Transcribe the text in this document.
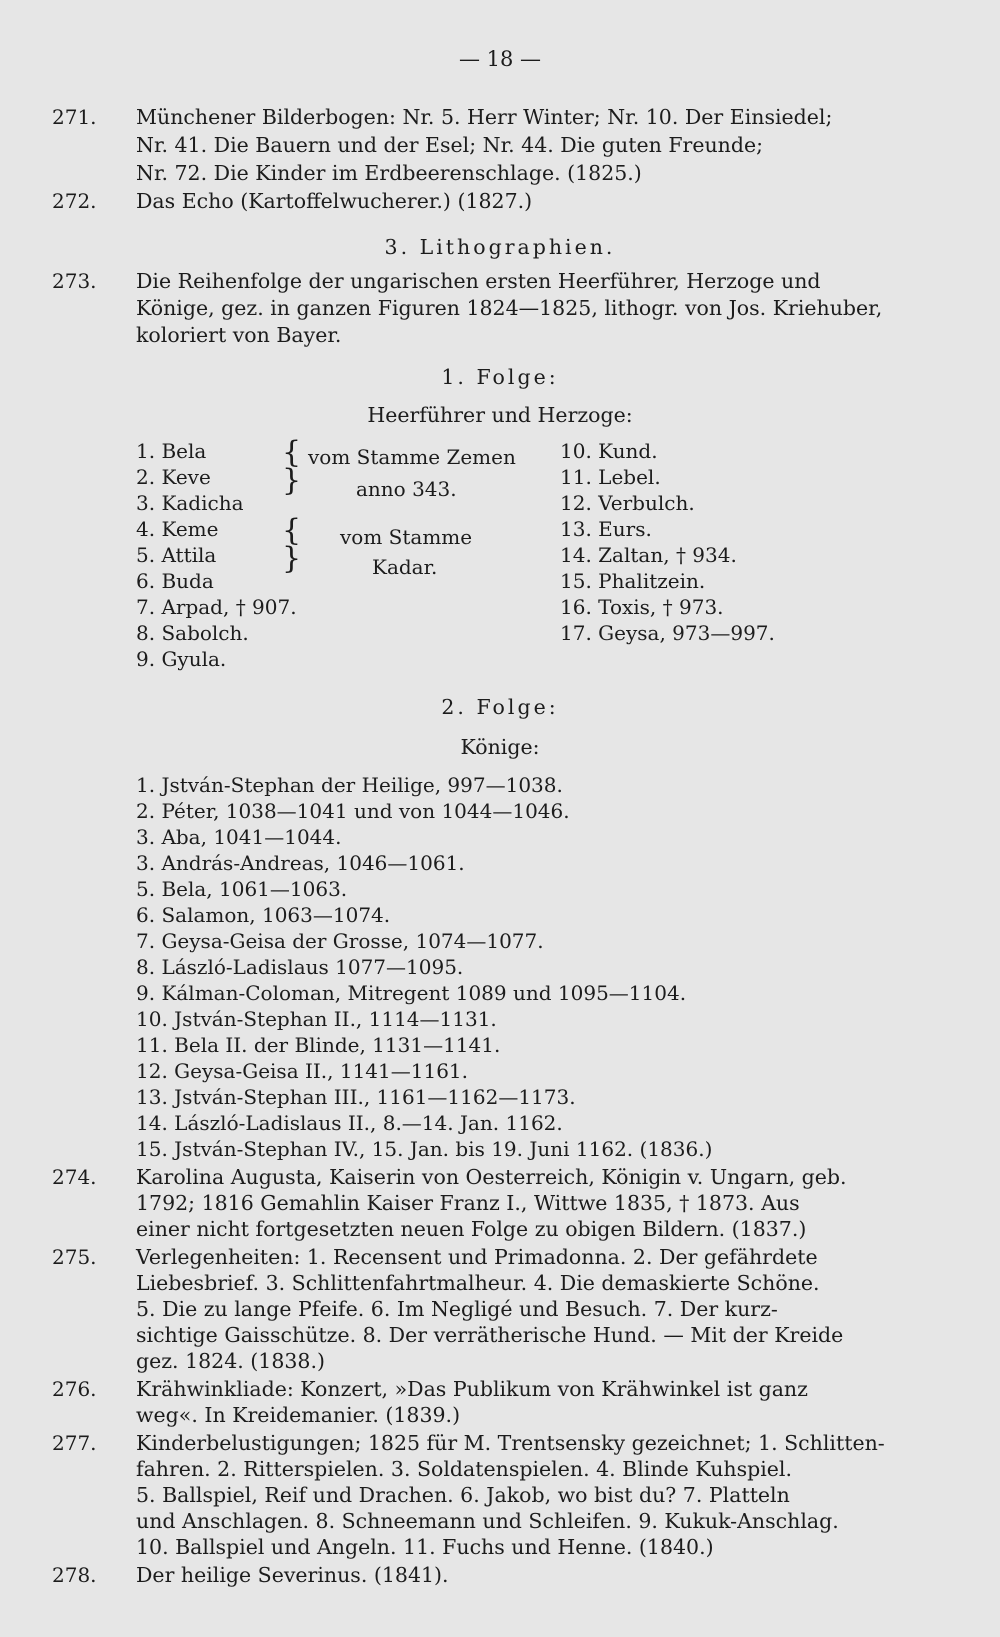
— 18 —
271.	Münchener Bilderbogen: Nr. 5. Herr Winter; Nr. 10. Der Einsiedel;
Nr. 41. Die Bauern und der Esel; Nr. 44. Die guten Freunde;
Nr. 72. Die Kinder im Erdbeerenschlage. (1825.)
272.	Das Echo (Kartoffelwucherer.) (1827.)
3. Lithographien.
273.	Die Reihenfolge der ungarischen ersten Heerführer, Herzoge und
Könige, gez. in ganzen Figuren 1824—1825, lithogr. von Jos. Kriehuber,
koloriert von Bayer.
1. Folge:
Heerführer und Herzoge:
1. Bela
2. Keve
3. Kadicha
4. Keme
5. Attila
6. Buda
7. Arpad, † 907.
8. Sabolch.
9. Gyula.
{
}
{
}
vom Stamme Zemen
anno 343.
vom Stamme
Kadar.
10. Kund.
11. Lebel.
12. Verbulch.
13. Eurs.
14. Zaltan, † 934.
15. Phalitzein.
16. Toxis, † 973.
17. Geysa, 973—997.
2. Folge:
Könige:
1. Jstván-Stephan der Heilige, 997—1038.
2. Péter, 1038—1041 und von 1044—1046.
3. Aba, 1041—1044.
3. András-Andreas, 1046—1061.
5. Bela, 1061—1063.
6. Salamon, 1063—1074.
7. Geysa-Geisa der Grosse, 1074—1077.
8. László-Ladislaus 1077—1095.
9. Kálman-Coloman, Mitregent 1089 und 1095—1104.
10. Jstván-Stephan II., 1114—1131.
11. Bela II. der Blinde, 1131—1141.
12. Geysa-Geisa II., 1141—1161.
13. Jstván-Stephan III., 1161—1162—1173.
14. László-Ladislaus II., 8.—14. Jan. 1162.
15. Jstván-Stephan IV., 15. Jan. bis 19. Juni 1162. (1836.)
274.	Karolina Augusta, Kaiserin von Oesterreich, Königin v. Ungarn, geb.
1792; 1816 Gemahlin Kaiser Franz I., Wittwe 1835, † 1873. Aus
einer nicht fortgesetzten neuen Folge zu obigen Bildern. (1837.)
275.	Verlegenheiten: 1. Recensent und Primadonna. 2. Der gefährdete
Liebesbrief. 3. Schlittenfahrtmalheur. 4. Die demaskierte Schöne.
5. Die zu lange Pfeife. 6. Im Negligé und Besuch. 7. Der kurz-
sichtige Gaisschütze. 8. Der verrätherische Hund. — Mit der Kreide
gez. 1824. (1838.)
276.	Krähwinkliade: Konzert, »Das Publikum von Krähwinkel ist ganz
weg«. In Kreidemanier. (1839.)
277.	Kinderbelustigungen; 1825 für M. Trentsensky gezeichnet; 1. Schlitten-
fahren. 2. Ritterspielen. 3. Soldatenspielen. 4. Blinde Kuhspiel.
5. Ballspiel, Reif und Drachen. 6. Jakob, wo bist du? 7. Platteln
und Anschlagen. 8. Schneemann und Schleifen. 9. Kukuk-Anschlag.
10. Ballspiel und Angeln. 11. Fuchs und Henne. (1840.)
278.	Der heilige Severinus. (1841).
